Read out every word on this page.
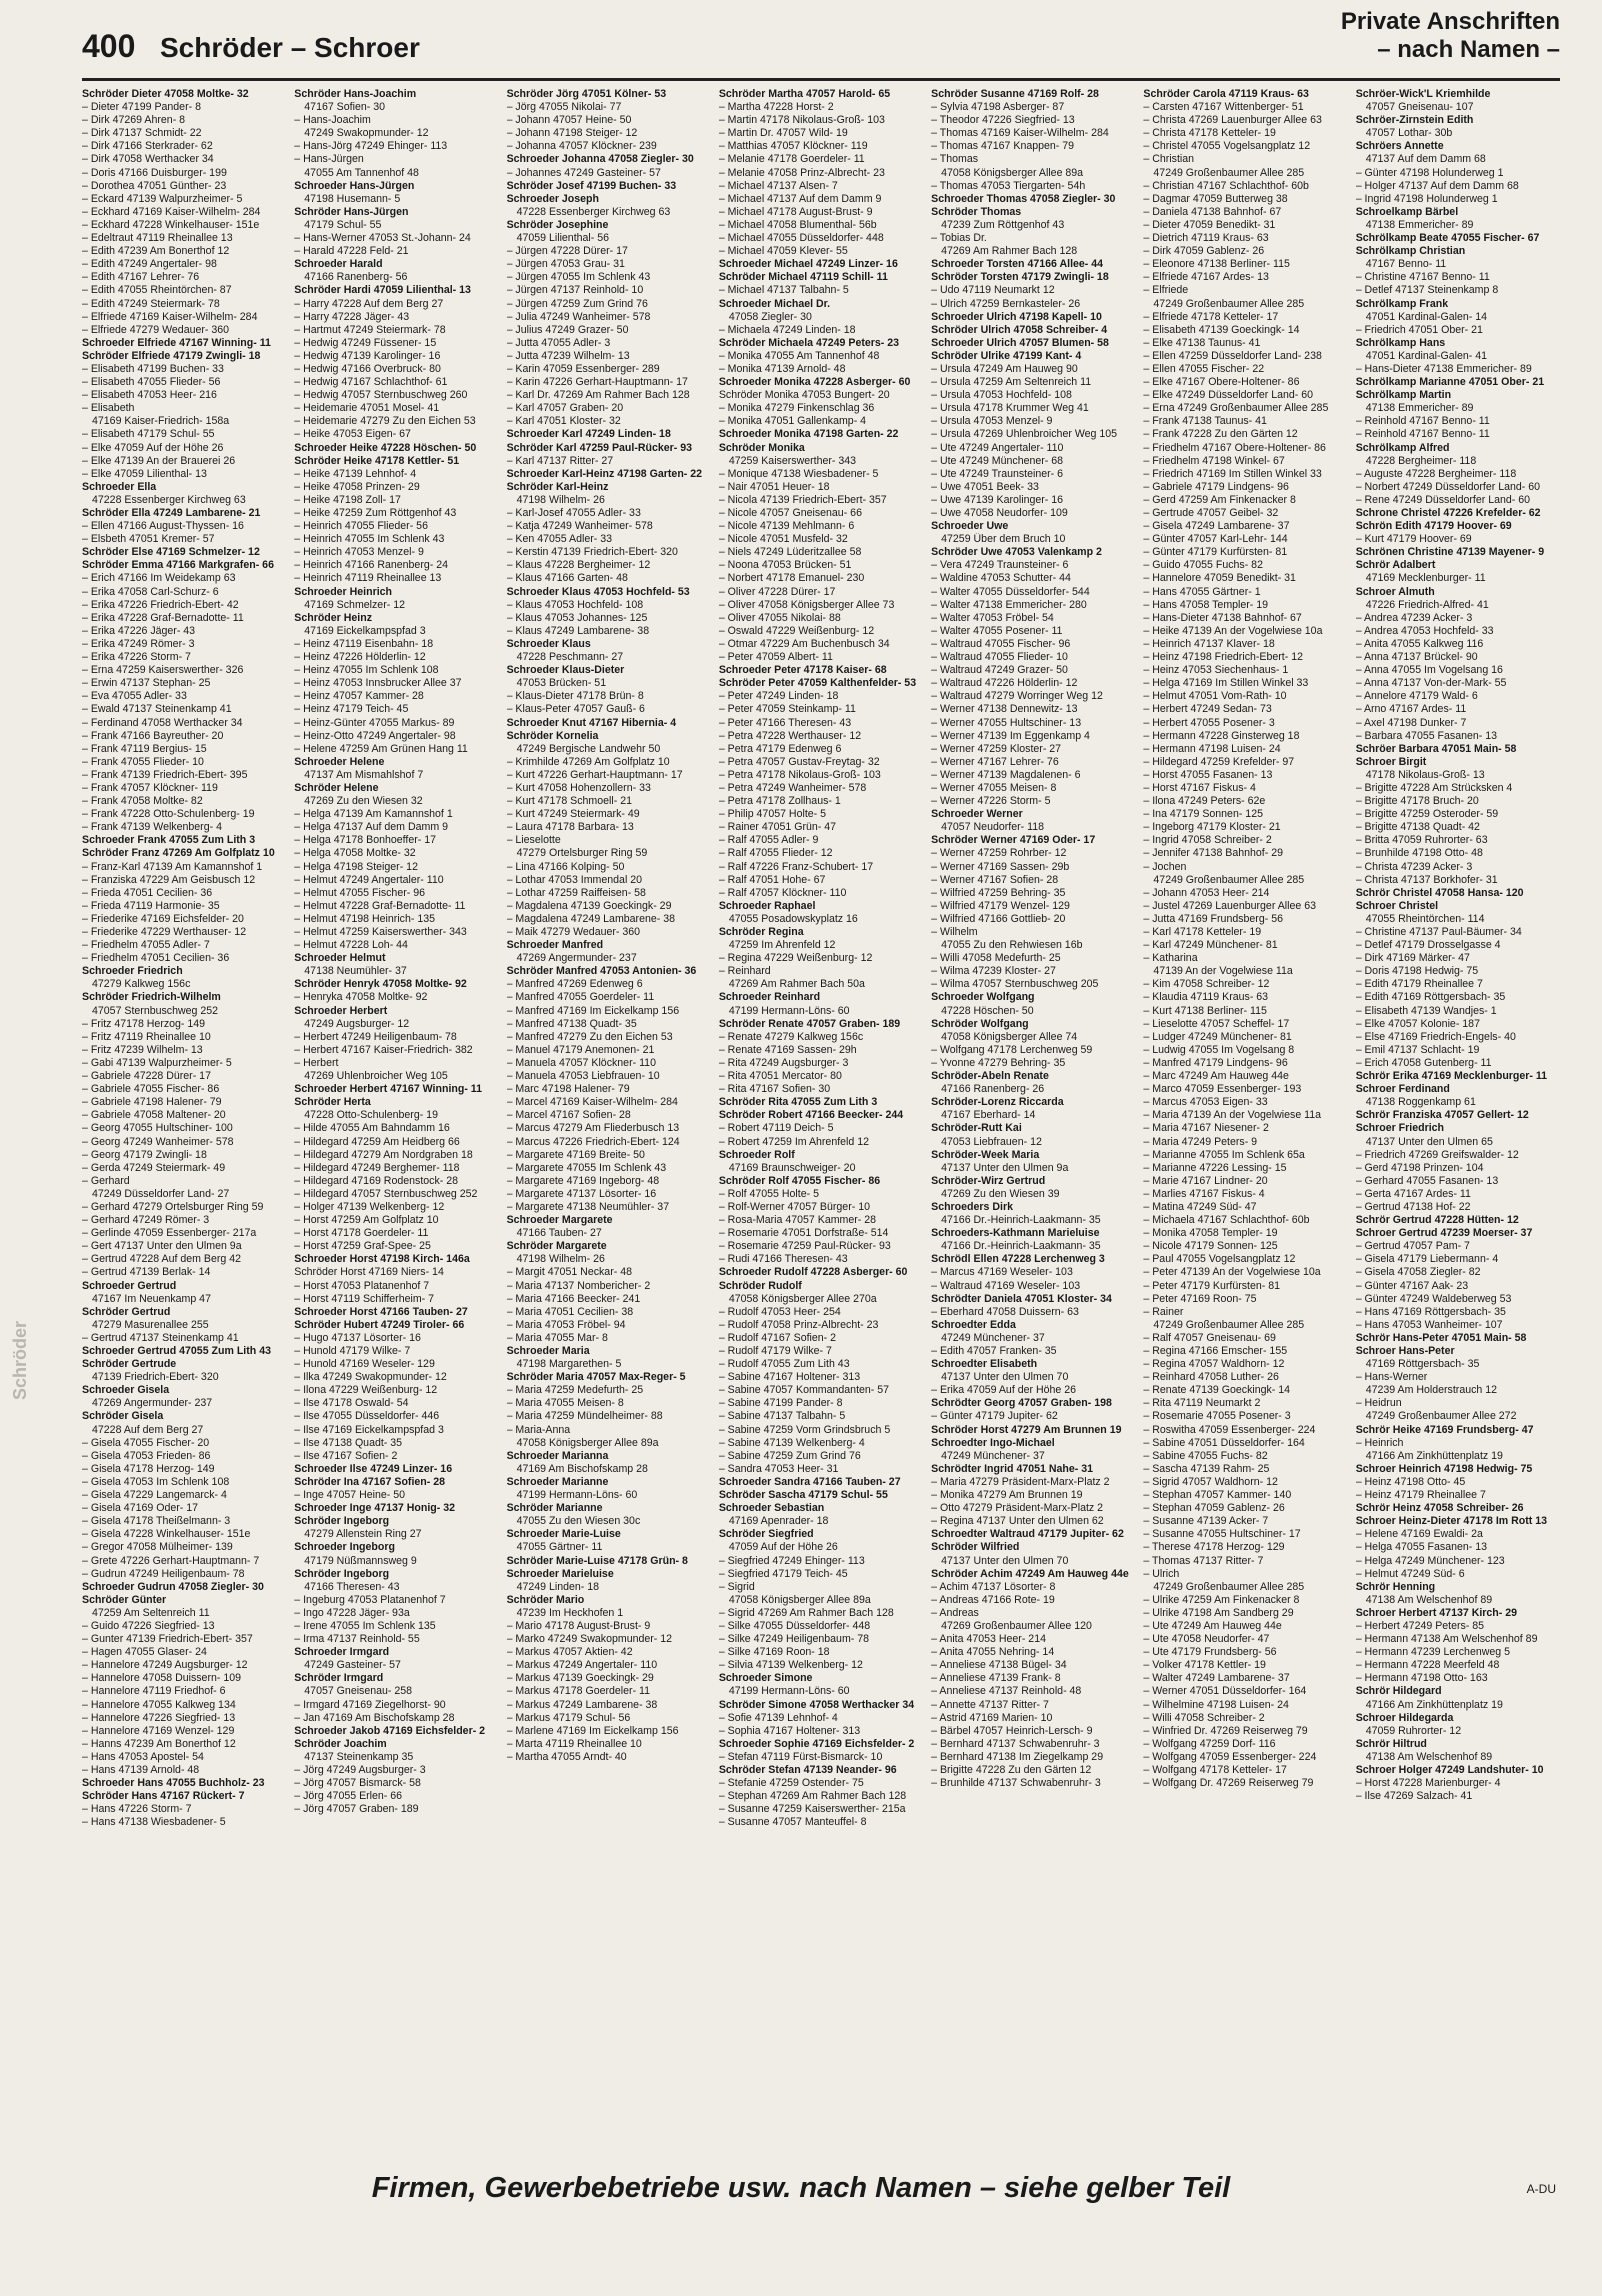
400 Schröder – Schroer
Private Anschriften
– nach Namen –
Schröder
Schröder Dieter 47058 Moltke- 32
– Dieter 47199 Pander- 8
– Dirk 47269 Ahren- 8
– Dirk 47137 Schmidt- 22
– Dirk 47166 Sterkrader- 62
– Dirk 47058 Werthacker 34
– Doris 47166 Duisburger- 199
– Dorothea 47051 Günther- 23
– Eckard 47139 Walpurzheimer- 5
– Eckhard 47169 Kaiser-Wilhelm- 284
– Eckhard 47228 Winkelhauser- 151e
– Edeltraut 47119 Rheinallee 13
– Edith 47239 Am Bonerthof 12
– Edith 47249 Angertaler- 98
– Edith 47167 Lehrer- 76
– Edith 47055 Rheintörchen- 87
– Edith 47249 Steiermark- 78
– Elfriede 47169 Kaiser-Wilhelm- 284
– Elfriede 47279 Wedauer- 360
Schroeder Elfriede 47167 Winning- 11
Schröder Elfriede 47179 Zwingli- 18
– Elisabeth 47199 Buchen- 33
– Elisabeth 47055 Flieder- 56
– Elisabeth 47053 Heer- 216
– Elisabeth
47169 Kaiser-Friedrich- 158a
– Elisabeth 47179 Schul- 55
– Elke 47059 Auf der Höhe 26
– Elke 47139 An der Brauerei 26
– Elke 47059 Lilienthal- 13
Schroeder Ella
47228 Essenberger Kirchweg 63
Schröder Ella 47249 Lambarene- 21
– Ellen 47166 August-Thyssen- 16
– Elsbeth 47051 Kremer- 57
Schröder Else 47169 Schmelzer- 12
Schröder Emma 47166 Markgrafen- 66
– Erich 47166 Im Weidekamp 63
– Erika 47058 Carl-Schurz- 6
– Erika 47226 Friedrich-Ebert- 42
– Erika 47228 Graf-Bernadotte- 11
– Erika 47226 Jäger- 43
– Erika 47249 Römer- 3
– Erika 47226 Storm- 7
– Erna 47259 Kaiserswerther- 326
– Erwin 47137 Stephan- 25
– Eva 47055 Adler- 33
– Ewald 47137 Steinenkamp 41
– Ferdinand 47058 Werthacker 34
– Frank 47166 Bayreuther- 20
– Frank 47119 Bergius- 15
– Frank 47055 Flieder- 10
– Frank 47139 Friedrich-Ebert- 395
– Frank 47057 Klöckner- 119
– Frank 47058 Moltke- 82
– Frank 47228 Otto-Schulenberg- 19
– Frank 47139 Welkenberg- 4
Schroeder Frank 47055 Zum Lith 3
Schröder Franz 47269 Am Golfplatz 10
– Franz-Karl 47139 Am Kamannshof 1
– Franziska 47229 Am Geisbusch 12
– Frieda 47051 Cecilien- 36
– Frieda 47119 Harmonie- 35
– Friederike 47169 Eichsfelder- 20
– Friederike 47229 Werthauser- 12
– Friedhelm 47055 Adler- 7
– Friedhelm 47051 Cecilien- 36
Schroeder Friedrich
47279 Kalkweg 156c
Schröder Friedrich-Wilhelm
47057 Sternbuschweg 252
– Fritz 47178 Herzog- 149
– Fritz 47119 Rheinallee 10
– Fritz 47239 Wilhelm- 13
– Gabi 47139 Walpurzheimer- 5
– Gabriele 47228 Dürer- 17
– Gabriele 47055 Fischer- 86
– Gabriele 47198 Halener- 79
– Gabriele 47058 Maltener- 20
– Georg 47055 Hultschiner- 100
– Georg 47249 Wanheimer- 578
– Georg 47179 Zwingli- 18
– Gerda 47249 Steiermark- 49
– Gerhard
47249 Düsseldorfer Land- 27
– Gerhard 47279 Ortelsburger Ring 59
– Gerhard 47249 Römer- 3
– Gerlinde 47059 Essenberger- 217a
– Gert 47137 Unter den Ulmen 9a
– Gertrud 47228 Auf dem Berg 42
– Gertrud 47139 Berlak- 14
Schroeder Gertrud
47167 Im Neuenkamp 47
Schröder Gertrud
47279 Masurenallee 255
– Gertrud 47137 Steinenkamp 41
Schroeder Gertrud 47055 Zum Lith 43
Schröder Gertrude
47139 Friedrich-Ebert- 320
Schroeder Gisela
47269 Angermunder- 237
Schröder Gisela
47228 Auf dem Berg 27
– Gisela 47055 Fischer- 20
– Gisela 47053 Frieden- 86
– Gisela 47178 Herzog- 149
– Gisela 47053 Im Schlenk 108
– Gisela 47229 Langemarck- 4
– Gisela 47169 Oder- 17
– Gisela 47178 Theißelmann- 3
– Gisela 47228 Winkelhauser- 151e
– Gregor 47058 Mülheimer- 139
– Grete 47226 Gerhart-Hauptmann- 7
– Gudrun 47249 Heiligenbaum- 78
Schroeder Gudrun 47058 Ziegler- 30
Schröder Günter
47259 Am Seltenreich 11
– Guido 47226 Siegfried- 13
– Gunter 47139 Friedrich-Ebert- 357
– Hagen 47055 Glaser- 24
– Hannelore 47249 Augsburger- 12
– Hannelore 47058 Duissern- 109
– Hannelore 47119 Friedhof- 6
– Hannelore 47055 Kalkweg 134
– Hannelore 47226 Siegfried- 13
– Hannelore 47169 Wenzel- 129
– Hanns 47239 Am Bonerthof 12
– Hans 47053 Apostel- 54
– Hans 47139 Arnold- 48
Schroeder Hans 47055 Buchholz- 23
Schröder Hans 47167 Rückert- 7
– Hans 47226 Storm- 7
– Hans 47138 Wiesbadener- 5
Schröder Hans-Joachim
47167 Sofien- 30
– Hans-Joachim
47249 Swakopmunder- 12
– Hans-Jörg 47249 Ehinger- 113
– Hans-Jürgen
47055 Am Tannenhof 48
Schroeder Hans-Jürgen
47198 Husemann- 5
Schröder Hans-Jürgen
47179 Schul- 55
– Hans-Werner 47053 St.-Johann- 24
– Harald 47228 Feld- 21
Schroeder Harald
47166 Ranenberg- 56
Schröder Hardi 47059 Lilienthal- 13
– Harry 47228 Auf dem Berg 27
– Harry 47228 Jäger- 43
– Hartmut 47249 Steiermark- 78
– Hedwig 47249 Füssener- 15
– Hedwig 47139 Karolinger- 16
– Hedwig 47166 Overbruck- 80
– Hedwig 47167 Schlachthof- 61
– Hedwig 47057 Sternbuschweg 260
– Heidemarie 47051 Mosel- 41
– Heidemarie 47279 Zu den Eichen 53
– Heike 47053 Eigen- 67
Schroeder Heike 47228 Höschen- 50
Schröder Heike 47178 Kettler- 51
– Heike 47139 Lehnhof- 4
– Heike 47058 Prinzen- 29
– Heike 47198 Zoll- 17
– Heike 47259 Zum Röttgenhof 43
– Heinrich 47055 Flieder- 56
– Heinrich 47055 Im Schlenk 43
– Heinrich 47053 Menzel- 9
– Heinrich 47166 Ranenberg- 24
– Heinrich 47119 Rheinallee 13
Schroeder Heinrich
47169 Schmelzer- 12
Schröder Heinz
47169 Eickelkampspfad 3
– Heinz 47119 Eisenbahn- 18
– Heinz 47226 Hölderlin- 12
– Heinz 47055 Im Schlenk 108
– Heinz 47053 Innsbrucker Allee 37
– Heinz 47057 Kammer- 28
– Heinz 47179 Teich- 45
– Heinz-Günter 47055 Markus- 89
– Heinz-Otto 47249 Angertaler- 98
– Helene 47259 Am Grünen Hang 11
Schroeder Helene
47137 Am Mismahlshof 7
Schröder Helene
47269 Zu den Wiesen 32
– Helga 47139 Am Kamannshof 1
– Helga 47137 Auf dem Damm 9
– Helga 47178 Bonhoeffer- 17
– Helga 47058 Moltke- 32
– Helga 47198 Steiger- 12
– Helmut 47249 Angertaler- 110
– Helmut 47055 Fischer- 96
– Helmut 47228 Graf-Bernadotte- 11
– Helmut 47198 Heinrich- 135
– Helmut 47259 Kaiserswerther- 343
– Helmut 47228 Loh- 44
Schroeder Helmut
47138 Neumühler- 37
Schröder Henryk 47058 Moltke- 92
– Henryka 47058 Moltke- 92
Schroeder Herbert
47249 Augsburger- 12
– Herbert 47249 Heiligenbaum- 78
– Herbert 47167 Kaiser-Friedrich- 382
– Herbert
47269 Uhlenbroicher Weg 105
Schroeder Herbert 47167 Winning- 11
Schröder Herta
47228 Otto-Schulenberg- 19
– Hilde 47055 Am Bahndamm 16
– Hildegard 47259 Am Heidberg 66
– Hildegard 47279 Am Nordgraben 18
– Hildegard 47249 Berghemer- 118
– Hildegard 47169 Rodenstock- 28
– Hildegard 47057 Sternbuschweg 252
– Holger 47139 Welkenberg- 12
– Horst 47259 Am Golfplatz 10
– Horst 47178 Goerdeler- 11
– Horst 47259 Graf-Spee- 25
Schroeder Horst 47198 Kirch- 146a
Schröder Horst 47169 Niers- 14
– Horst 47053 Platanenhof 7
– Horst 47119 Schifferheim- 7
Schroeder Horst 47166 Tauben- 27
Schröder Hubert 47249 Tiroler- 66
– Hugo 47137 Lösorter- 16
– Hunold 47179 Wilke- 7
– Hunold 47169 Weseler- 129
– Ilka 47249 Swakopmunder- 12
– Ilona 47229 Weißenburg- 12
– Ilse 47178 Oswald- 54
– Ilse 47055 Düsseldorfer- 446
– Ilse 47169 Eickelkampspfad 3
– Ilse 47138 Quadt- 35
– Ilse 47167 Sofien- 2
Schroeder Ilse 47249 Linzer- 16
Schröder Ina 47167 Sofien- 28
– Inge 47057 Heine- 50
Schroeder Inge 47137 Honig- 32
Schröder Ingeborg
47279 Allenstein Ring 27
Schroeder Ingeborg
47179 Nüßmannsweg 9
Schröder Ingeborg
47166 Theresen- 43
– Ingeburg 47053 Platanenhof 7
– Ingo 47228 Jäger- 93a
– Irene 47055 Im Schlenk 135
– Irma 47137 Reinhold- 55
Schroeder Irmgard
47249 Gasteiner- 57
Schröder Irmgard
47057 Gneisenau- 258
– Irmgard 47169 Ziegelhorst- 90
– Jan 47169 Am Bischofskamp 28
Schroeder Jakob 47169 Eichsfelder- 2
Schröder Joachim
47137 Steinenkamp 35
– Jörg 47249 Augsburger- 3
– Jörg 47057 Bismarck- 58
– Jörg 47055 Erlen- 66
– Jörg 47057 Graben- 189
Schröder Jörg 47051 Kölner- 53
– Jörg 47055 Nikolai- 77
– Johann 47057 Heine- 50
– Johann 47198 Steiger- 12
– Johanna 47057 Klöckner- 239
Schroeder Johanna 47058 Ziegler- 30
– Johannes 47249 Gasteiner- 57
Schröder Josef 47199 Buchen- 33
Schroeder Joseph
47228 Essenberger Kirchweg 63
Schröder Josephine
47059 Lilienthal- 56
– Jürgen 47228 Dürer- 17
– Jürgen 47053 Grau- 31
– Jürgen 47055 Im Schlenk 43
– Jürgen 47137 Reinhold- 10
– Jürgen 47259 Zum Grind 76
– Julia 47249 Wanheimer- 578
– Julius 47249 Grazer- 50
– Jutta 47055 Adler- 3
– Jutta 47239 Wilhelm- 13
– Karin 47059 Essenberger- 289
– Karin 47226 Gerhart-Hauptmann- 17
– Karl Dr. 47269 Am Rahmer Bach 128
– Karl 47057 Graben- 20
– Karl 47051 Kloster- 32
Schroeder Karl 47249 Linden- 18
Schröder Karl 47259 Paul-Rücker- 93
– Karl 47137 Ritter- 27
Schroeder Karl-Heinz 47198 Garten- 22
Schröder Karl-Heinz
47198 Wilhelm- 26
– Karl-Josef 47055 Adler- 33
– Katja 47249 Wanheimer- 578
– Ken 47055 Adler- 33
– Kerstin 47139 Friedrich-Ebert- 320
– Klaus 47228 Bergheimer- 12
– Klaus 47166 Garten- 48
Schroeder Klaus 47053 Hochfeld- 53
– Klaus 47053 Hochfeld- 108
– Klaus 47053 Johannes- 125
– Klaus 47249 Lambarene- 38
Schroeder Klaus
47228 Peschmann- 27
Schroeder Klaus-Dieter
47053 Brücken- 51
– Klaus-Dieter 47178 Brün- 8
– Klaus-Peter 47057 Gauß- 6
Schroeder Knut 47167 Hibernia- 4
Schröder Kornelia
47249 Bergische Landwehr 50
– Krimhilde 47269 Am Golfplatz 10
– Kurt 47226 Gerhart-Hauptmann- 17
– Kurt 47058 Hohenzollern- 33
– Kurt 47178 Schmoell- 21
– Kurt 47249 Steiermark- 49
– Laura 47178 Barbara- 13
– Lieselotte
47279 Ortelsburger Ring 59
– Lina 47166 Kolping- 50
– Lothar 47053 Immendal 20
– Lothar 47259 Raiffeisen- 58
– Magdalena 47139 Goeckingk- 29
– Magdalena 47249 Lambarene- 38
– Maik 47279 Wedauer- 360
Schroeder Manfred
47269 Angermunder- 237
Schröder Manfred 47053 Antonien- 36
– Manfred 47269 Edenweg 6
– Manfred 47055 Goerdeler- 11
– Manfred 47169 Im Eickelkamp 156
– Manfred 47138 Quadt- 35
– Manfred 47279 Zu den Eichen 53
– Manuel 47179 Anemonen- 21
– Manuela 47057 Klöckner- 110
– Manuela 47053 Liebfrauen- 10
– Marc 47198 Halener- 79
– Marcel 47169 Kaiser-Wilhelm- 284
– Marcel 47167 Sofien- 28
– Marcus 47279 Am Fliederbusch 13
– Marcus 47226 Friedrich-Ebert- 124
– Margarete 47169 Breite- 50
– Margarete 47055 Im Schlenk 43
– Margarete 47169 Ingeborg- 48
– Margarete 47137 Lösorter- 16
– Margarete 47138 Neumühler- 37
Schroeder Margarete
47166 Tauben- 27
Schröder Margarete
47198 Wilhelm- 26
– Margit 47051 Neckar- 48
– Maria 47137 Nombericher- 2
– Maria 47166 Beecker- 241
– Maria 47051 Cecilien- 38
– Maria 47053 Fröbel- 94
– Maria 47055 Mar- 8
Schroeder Maria
47198 Margarethen- 5
Schröder Maria 47057 Max-Reger- 5
– Maria 47259 Medefurth- 25
– Maria 47055 Meisen- 8
– Maria 47259 Mündelheimer- 88
– Maria-Anna
47058 Königsberger Allee 89a
Schroeder Marianna
47169 Am Bischofskamp 28
Schroeder Marianne
47199 Hermann-Löns- 60
Schröder Marianne
47055 Zu den Wiesen 30c
Schroeder Marie-Luise
47055 Gärtner- 11
Schröder Marie-Luise 47178 Grün- 8
Schroeder Marieluise
47249 Linden- 18
Schröder Mario
47239 Im Heckhofen 1
– Mario 47178 August-Brust- 9
– Marko 47249 Swakopmunder- 12
– Markus 47057 Aktien- 42
– Markus 47249 Angertaler- 110
– Markus 47139 Goeckingk- 29
– Markus 47178 Goerdeler- 11
– Markus 47249 Lambarene- 38
– Markus 47179 Schul- 56
– Marlene 47169 Im Eickelkamp 156
– Marta 47119 Rheinallee 10
– Martha 47055 Arndt- 40
Schröder Martha 47057 Harold- 65
– Martha 47228 Horst- 2
– Martin 47178 Nikolaus-Groß- 103
– Martin Dr. 47057 Wild- 19
– Matthias 47057 Klöckner- 119
– Melanie 47178 Goerdeler- 11
– Melanie 47058 Prinz-Albrecht- 23
– Michael 47137 Alsen- 7
– Michael 47137 Auf dem Damm 9
– Michael 47178 August-Brust- 9
– Michael 47058 Blumenthal- 56b
– Michael 47055 Düsseldorfer- 448
– Michael 47059 Klever- 55
Schroeder Michael 47249 Linzer- 16
Schröder Michael 47119 Schill- 11
– Michael 47137 Talbahn- 5
Schroeder Michael Dr.
47058 Ziegler- 30
– Michaela 47249 Linden- 18
Schröder Michaela 47249 Peters- 23
– Monika 47055 Am Tannenhof 48
– Monika 47139 Arnold- 48
Schroeder Monika 47228 Asberger- 60
Schröder Monika 47053 Bungert- 20
– Monika 47279 Finkenschlag 36
– Monika 47051 Gallenkamp- 4
Schroeder Monika 47198 Garten- 22
Schröder Monika
47259 Kaiserswerther- 343
– Monique 47138 Wiesbadener- 5
– Nair 47051 Heuer- 18
– Nicola 47139 Friedrich-Ebert- 357
– Nicole 47057 Gneisenau- 66
– Nicole 47139 Mehlmann- 6
– Nicole 47051 Musfeld- 32
– Niels 47249 Lüderitzallee 58
– Noona 47053 Brücken- 51
– Norbert 47178 Emanuel- 230
– Oliver 47228 Dürer- 17
– Oliver 47058 Königsberger Allee 73
– Oliver 47055 Nikolai- 88
– Oswald 47229 Weißenburg- 12
– Otmar 47229 Am Buchenbusch 34
– Peter 47059 Albert- 11
Schroeder Peter 47178 Kaiser- 68
Schröder Peter 47059 Kalthenfelder- 53
– Peter 47249 Linden- 18
– Peter 47059 Steinkamp- 11
– Peter 47166 Theresen- 43
– Petra 47228 Werthauser- 12
– Petra 47179 Edenweg 6
– Petra 47057 Gustav-Freytag- 32
– Petra 47178 Nikolaus-Groß- 103
– Petra 47249 Wanheimer- 578
– Petra 47178 Zollhaus- 1
– Philip 47057 Holte- 5
– Rainer 47051 Grün- 47
– Ralf 47055 Adler- 9
– Ralf 47055 Flieder- 12
– Ralf 47226 Franz-Schubert- 17
– Ralf 47051 Hohe- 67
– Ralf 47057 Klöckner- 110
Schroeder Raphael
47055 Posadowskyplatz 16
Schröder Regina
47259 Im Ahrenfeld 12
– Regina 47229 Weißenburg- 12
– Reinhard
47269 Am Rahmer Bach 50a
Schroeder Reinhard
47199 Hermann-Löns- 60
Schröder Renate 47057 Graben- 189
– Renate 47279 Kalkweg 156c
– Renate 47169 Sassen- 29h
– Rita 47249 Augsburger- 3
– Rita 47051 Mercator- 80
– Rita 47167 Sofien- 30
Schröder Rita 47055 Zum Lith 3
Schröder Robert 47166 Beecker- 244
– Robert 47119 Deich- 5
– Robert 47259 Im Ahrenfeld 12
Schroeder Rolf
47169 Braunschweiger- 20
Schröder Rolf 47055 Fischer- 86
– Rolf 47055 Holte- 5
– Rolf-Werner 47057 Bürger- 10
– Rosa-Maria 47057 Kammer- 28
– Rosemarie 47051 Dorfstraße- 514
– Rosemarie 47259 Paul-Rücker- 93
– Rudi 47166 Theresen- 43
Schroeder Rudolf 47228 Asberger- 60
Schröder Rudolf
47058 Königsberger Allee 270a
– Rudolf 47053 Heer- 254
– Rudolf 47058 Prinz-Albrecht- 23
– Rudolf 47167 Sofien- 2
– Rudolf 47179 Wilke- 7
– Rudolf 47055 Zum Lith 43
– Sabine 47167 Holtener- 313
– Sabine 47057 Kommandanten- 57
– Sabine 47199 Pander- 8
– Sabine 47137 Talbahn- 5
– Sabine 47259 Vorm Grindsbruch 5
– Sabine 47139 Welkenberg- 4
– Sabine 47259 Zum Grind 76
– Sandra 47053 Heer- 31
Schroeder Sandra 47166 Tauben- 27
Schröder Sascha 47179 Schul- 55
Schroeder Sebastian
47169 Apenrader- 18
Schröder Siegfried
47059 Auf der Höhe 26
– Siegfried 47249 Ehinger- 113
– Siegfried 47179 Teich- 45
– Sigrid
47058 Königsberger Allee 89a
– Sigrid 47269 Am Rahmer Bach 128
– Silke 47055 Düsseldorfer- 448
– Silke 47249 Heiligenbaum- 78
– Silke 47169 Roon- 18
– Silvia 47139 Welkenberg- 12
Schroeder Simone
47199 Hermann-Löns- 60
Schröder Simone 47058 Werthacker 34
– Sofie 47139 Lehnhof- 4
– Sophia 47167 Holtener- 313
Schroeder Sophie 47169 Eichsfelder- 2
– Stefan 47119 Fürst-Bismarck- 10
Schröder Stefan 47139 Neander- 96
– Stefanie 47259 Ostender- 75
– Stephan 47269 Am Rahmer Bach 128
– Susanne 47259 Kaiserswerther- 215a
– Susanne 47057 Manteuffel- 8
Schröder Susanne 47169 Rolf- 28
– Sylvia 47198 Asberger- 87
– Theodor 47226 Siegfried- 13
– Thomas 47169 Kaiser-Wilhelm- 284
– Thomas 47167 Knappen- 79
– Thomas
47058 Königsberger Allee 89a
– Thomas 47053 Tiergarten- 54h
Schroeder Thomas 47058 Ziegler- 30
Schröder Thomas
47239 Zum Röttgenhof 43
– Tobias Dr.
47269 Am Rahmer Bach 128
Schroeder Torsten 47166 Allee- 44
Schröder Torsten 47179 Zwingli- 18
– Udo 47119 Neumarkt 12
– Ulrich 47259 Bernkasteler- 26
Schroeder Ulrich 47198 Kapell- 10
Schröder Ulrich 47058 Schreiber- 4
Schroeder Ulrich 47057 Blumen- 58
Schröder Ulrike 47199 Kant- 4
– Ursula 47249 Am Hauweg 90
– Ursula 47259 Am Seltenreich 11
– Ursula 47053 Hochfeld- 108
– Ursula 47178 Krummer Weg 41
– Ursula 47053 Menzel- 9
– Ursula 47269 Uhlenbroicher Weg 105
– Ute 47249 Angertaler- 110
– Ute 47249 Münchener- 68
– Ute 47249 Traunsteiner- 6
– Uwe 47051 Beek- 33
– Uwe 47139 Karolinger- 16
– Uwe 47058 Neudorfer- 109
Schroeder Uwe
47259 Über dem Bruch 10
Schröder Uwe 47053 Valenkamp 2
– Vera 47249 Traunsteiner- 6
– Waldine 47053 Schutter- 44
– Walter 47055 Düsseldorfer- 544
– Walter 47138 Emmericher- 280
– Walter 47053 Fröbel- 54
– Walter 47055 Posener- 11
– Waltraud 47055 Fischer- 96
– Waltraud 47055 Flieder- 10
– Waltraud 47249 Grazer- 50
– Waltraud 47226 Hölderlin- 12
– Waltraud 47279 Worringer Weg 12
– Werner 47138 Dennewitz- 13
– Werner 47055 Hultschiner- 13
– Werner 47139 Im Eggenkamp 4
– Werner 47259 Kloster- 27
– Werner 47167 Lehrer- 76
– Werner 47139 Magdalenen- 6
– Werner 47055 Meisen- 8
– Werner 47226 Storm- 5
Schroeder Werner
47057 Neudorfer- 118
Schröder Werner 47169 Oder- 17
– Werner 47259 Rohrber- 12
– Werner 47169 Sassen- 29b
– Werner 47167 Sofien- 28
– Wilfried 47259 Behring- 35
– Wilfried 47179 Wenzel- 129
– Wilfried 47166 Gottlieb- 20
– Wilhelm
47055 Zu den Rehwiesen 16b
– Willi 47058 Medefurth- 25
– Wilma 47239 Kloster- 27
– Wilma 47057 Sternbuschweg 205
Schroeder Wolfgang
47228 Höschen- 50
Schröder Wolfgang
47058 Königsberger Allee 74
– Wolfgang 47178 Lerchenweg 59
– Yvonne 47279 Behring- 35
Schröder-Abeln Renate
47166 Ranenberg- 26
Schröder-Lorenz Riccarda
47167 Eberhard- 14
Schröder-Rutt Kai
47053 Liebfrauen- 12
Schröder-Week Maria
47137 Unter den Ulmen 9a
Schröder-Wirz Gertrud
47269 Zu den Wiesen 39
Schroeders Dirk
47166 Dr.-Heinrich-Laakmann- 35
Schroeders-Kathmann Marieluise
47166 Dr.-Heinrich-Laakmann- 35
Schrödl Ellen 47228 Lerchenweg 3
– Marcus 47169 Weseler- 103
– Waltraud 47169 Weseler- 103
Schrödter Daniela 47051 Kloster- 34
– Eberhard 47058 Duissern- 63
Schroedter Edda
47249 Münchener- 37
– Edith 47057 Franken- 35
Schroedter Elisabeth
47137 Unter den Ulmen 70
– Erika 47059 Auf der Höhe 26
Schrödter Georg 47057 Graben- 198
– Günter 47179 Jupiter- 62
Schröder Horst 47279 Am Brunnen 19
Schroedter Ingo-Michael
47249 Münchener- 37
Schrödter Ingrid 47051 Nahe- 31
– Maria 47279 Präsident-Marx-Platz 2
– Monika 47279 Am Brunnen 19
– Otto 47279 Präsident-Marx-Platz 2
– Regina 47137 Unter den Ulmen 62
Schroedter Waltraud 47179 Jupiter- 62
Schröder Wilfried
47137 Unter den Ulmen 70
Schröder Achim 47249 Am Hauweg 44e
– Achim 47137 Lösorter- 8
– Andreas 47166 Rote- 19
– Andreas
47269 Großenbaumer Allee 120
– Anita 47053 Heer- 214
– Anita 47055 Nehring- 14
– Anneliese 47138 Bügel- 34
– Anneliese 47139 Frank- 8
– Anneliese 47137 Reinhold- 48
– Annette 47137 Ritter- 7
– Astrid 47169 Marien- 10
– Bärbel 47057 Heinrich-Lersch- 9
– Bernhard 47137 Schwabenruhr- 3
– Bernhard 47138 Im Ziegelkamp 29
– Brigitte 47228 Zu den Gärten 12
– Brunhilde 47137 Schwabenruhr- 3
Schröder Carola 47119 Kraus- 63
– Carsten 47167 Wittenberger- 51
– Christa 47269 Lauenburger Allee 63
– Christa 47178 Ketteler- 19
– Christel 47055 Vogelsangplatz 12
– Christian
47249 Großenbaumer Allee 285
– Christian 47167 Schlachthof- 60b
– Dagmar 47059 Butterweg 38
– Daniela 47138 Bahnhof- 67
– Dieter 47059 Benedikt- 31
– Dietrich 47119 Kraus- 63
– Dirk 47059 Gablenz- 26
– Eleonore 47138 Berliner- 115
– Elfriede 47167 Ardes- 13
– Elfriede
47249 Großenbaumer Allee 285
– Elfriede 47178 Ketteler- 17
– Elisabeth 47139 Goeckingk- 14
– Elke 47138 Taunus- 41
– Ellen 47259 Düsseldorfer Land- 238
– Ellen 47055 Fischer- 22
– Elke 47167 Obere-Holtener- 86
– Elke 47249 Düsseldorfer Land- 60
– Erna 47249 Großenbaumer Allee 285
– Frank 47138 Taunus- 41
– Frank 47228 Zu den Gärten 12
– Friedhelm 47167 Obere-Holtener- 86
– Friedhelm 47198 Winkel- 67
– Friedrich 47169 Im Stillen Winkel 33
– Gabriele 47179 Lindgens- 96
– Gerd 47259 Am Finkenacker 8
– Gertrude 47057 Geibel- 32
– Gisela 47249 Lambarene- 37
– Günter 47057 Karl-Lehr- 144
– Günter 47179 Kurfürsten- 81
– Guido 47055 Fuchs- 82
– Hannelore 47059 Benedikt- 31
– Hans 47055 Gärtner- 1
– Hans 47058 Templer- 19
– Hans-Dieter 47138 Bahnhof- 67
– Heike 47139 An der Vogelwiese 10a
– Heinrich 47137 Klaver- 18
– Heinz 47198 Friedrich-Ebert- 12
– Heinz 47053 Siechenhaus- 1
– Helga 47169 Im Stillen Winkel 33
– Helmut 47051 Vom-Rath- 10
– Herbert 47249 Sedan- 73
– Herbert 47055 Posener- 3
– Hermann 47228 Ginsterweg 18
– Hermann 47198 Luisen- 24
– Hildegard 47259 Krefelder- 97
– Horst 47055 Fasanen- 13
– Horst 47167 Fiskus- 4
– Ilona 47249 Peters- 62e
– Ina 47179 Sonnen- 125
– Ingeborg 47179 Kloster- 21
– Ingrid 47058 Schreiber- 2
– Jennifer 47138 Bahnhof- 29
– Jochen
47249 Großenbaumer Allee 285
– Johann 47053 Heer- 214
– Justel 47269 Lauenburger Allee 63
– Jutta 47169 Frundsberg- 56
– Karl 47178 Ketteler- 19
– Karl 47249 Münchener- 81
– Katharina
47139 An der Vogelwiese 11a
– Kim 47058 Schreiber- 12
– Klaudia 47119 Kraus- 63
– Kurt 47138 Berliner- 115
– Lieselotte 47057 Scheffel- 17
– Ludger 47249 Münchener- 81
– Ludwig 47055 Im Vogelsang 8
– Manfred 47179 Lindgens- 96
– Marc 47249 Am Hauweg 44e
– Marco 47059 Essenberger- 193
– Marcus 47053 Eigen- 33
– Maria 47139 An der Vogelwiese 11a
– Maria 47167 Niesener- 2
– Maria 47249 Peters- 9
– Marianne 47055 Im Schlenk 65a
– Marianne 47226 Lessing- 15
– Marie 47167 Lindner- 20
– Marlies 47167 Fiskus- 4
– Matina 47249 Süd- 47
– Michaela 47167 Schlachthof- 60b
– Monika 47058 Templer- 19
– Nicole 47179 Sonnen- 125
– Paul 47055 Vogelsangplatz 12
– Peter 47139 An der Vogelwiese 10a
– Peter 47179 Kurfürsten- 81
– Peter 47169 Roon- 75
– Rainer
47249 Großenbaumer Allee 285
– Ralf 47057 Gneisenau- 69
– Regina 47166 Emscher- 155
– Regina 47057 Waldhorn- 12
– Reinhard 47058 Luther- 26
– Renate 47139 Goeckingk- 14
– Rita 47119 Neumarkt 2
– Rosemarie 47055 Posener- 3
– Roswitha 47059 Essenberger- 224
– Sabine 47051 Düsseldorfer- 164
– Sabine 47055 Fuchs- 82
– Sascha 47139 Rahm- 25
– Sigrid 47057 Waldhorn- 12
– Stephan 47057 Kammer- 140
– Stephan 47059 Gablenz- 26
– Susanne 47139 Acker- 7
– Susanne 47055 Hultschiner- 17
– Therese 47178 Herzog- 129
– Thomas 47137 Ritter- 7
– Ulrich
47249 Großenbaumer Allee 285
– Ulrike 47259 Am Finkenacker 8
– Ulrike 47198 Am Sandberg 29
– Ute 47249 Am Hauweg 44e
– Ute 47058 Neudorfer- 47
– Ute 47179 Frundsberg- 56
– Volker 47178 Kettler- 19
– Walter 47249 Lambarene- 37
– Werner 47051 Düsseldorfer- 164
– Wilhelmine 47198 Luisen- 24
– Willi 47058 Schreiber- 2
– Winfried Dr. 47269 Reiserweg 79
– Wolfgang 47259 Dorf- 116
– Wolfgang 47059 Essenberger- 224
– Wolfgang 47178 Ketteler- 17
– Wolfgang Dr. 47269 Reiserweg 79
Schröer-Wick'L Kriemhilde
47057 Gneisenau- 107
Schröer-Zirnstein Edith
47057 Lothar- 30b
Schröers Annette
47137 Auf dem Damm 68
– Günter 47198 Holunderweg 1
– Holger 47137 Auf dem Damm 68
– Ingrid 47198 Holunderweg 1
Schroelkamp Bärbel
47138 Emmericher- 89
Schrölkamp Beate 47055 Fischer- 67
Schrölkamp Christian
47167 Benno- 11
– Christine 47167 Benno- 11
– Detlef 47137 Steinenkamp 8
Schrölkamp Frank
47051 Kardinal-Galen- 14
– Friedrich 47051 Ober- 21
Schrölkamp Hans
47051 Kardinal-Galen- 41
– Hans-Dieter 47138 Emmericher- 89
Schrölkamp Marianne 47051 Ober- 21
Schrölkamp Martin
47138 Emmericher- 89
– Reinhold 47167 Benno- 11
– Reinhold 47167 Benno- 11
Schrölkamp Alfred
47228 Bergheimer- 118
– Auguste 47228 Bergheimer- 118
– Norbert 47249 Düsseldorfer Land- 60
– Rene 47249 Düsseldorfer Land- 60
Schrone Christel 47226 Krefelder- 62
Schrön Edith 47179 Hoover- 69
– Kurt 47179 Hoover- 69
Schrönen Christine 47139 Mayener- 9
Schrör Adalbert
47169 Mecklenburger- 11
Schroer Almuth
47226 Friedrich-Alfred- 41
– Andrea 47239 Acker- 3
– Andrea 47053 Hochfeld- 33
– Anita 47055 Kalkweg 116
– Anna 47137 Brückel- 90
– Anna 47055 Im Vogelsang 16
– Anna 47137 Von-der-Mark- 55
– Annelore 47179 Wald- 6
– Arno 47167 Ardes- 11
– Axel 47198 Dunker- 7
– Barbara 47055 Fasanen- 13
Schröer Barbara 47051 Main- 58
Schroer Birgit
47178 Nikolaus-Groß- 13
– Brigitte 47228 Am Strücksken 4
– Brigitte 47178 Bruch- 20
– Brigitte 47259 Osteroder- 59
– Brigitte 47138 Quadt- 42
– Britta 47059 Ruhrorter- 63
– Brunhilde 47198 Otto- 48
– Christa 47239 Acker- 3
– Christa 47137 Borkhofer- 31
Schrör Christel 47058 Hansa- 120
Schroer Christel
47055 Rheintörchen- 114
– Christine 47137 Paul-Bäumer- 34
– Detlef 47179 Drosselgasse 4
– Dirk 47169 Märker- 47
– Doris 47198 Hedwig- 75
– Edith 47179 Rheinallee 7
– Edith 47169 Röttgersbach- 35
– Elisabeth 47139 Wandjes- 1
– Elke 47057 Kolonie- 187
– Else 47169 Friedrich-Engels- 40
– Emil 47137 Schlacht- 19
– Erich 47058 Gutenberg- 11
Schrör Erika 47169 Mecklenburger- 11
Schroer Ferdinand
47138 Roggenkamp 61
Schrör Franziska 47057 Gellert- 12
Schroer Friedrich
47137 Unter den Ulmen 65
– Friedrich 47269 Greifswalder- 12
– Gerd 47198 Prinzen- 104
– Gerhard 47055 Fasanen- 13
– Gerta 47167 Ardes- 11
– Gertrud 47138 Hof- 22
Schrör Gertrud 47228 Hütten- 12
Schroer Gertrud 47239 Moerser- 37
– Gertrud 47057 Pam- 7
– Gisela 47179 Liebermann- 4
– Gisela 47058 Ziegler- 82
– Günter 47167 Aak- 23
– Günter 47249 Waldeberweg 53
– Hans 47169 Röttgersbach- 35
– Hans 47053 Wanheimer- 107
Schrör Hans-Peter 47051 Main- 58
Schroer Hans-Peter
47169 Röttgersbach- 35
– Hans-Werner
47239 Am Holderstrauch 12
– Heidrun
47249 Großenbaumer Allee 272
Schrör Heike 47169 Frundsberg- 47
– Heinrich
47166 Am Zinkhüttenplatz 19
Schroer Heinrich 47198 Hedwig- 75
– Heinz 47198 Otto- 45
– Heinz 47179 Rheinallee 7
Schrör Heinz 47058 Schreiber- 26
Schroer Heinz-Dieter 47178 Im Rott 13
– Helene 47169 Ewaldi- 2a
– Helga 47055 Fasanen- 13
– Helga 47249 Münchener- 123
– Helmut 47249 Süd- 6
Schrör Henning
47138 Am Welschenhof 89
Schroer Herbert 47137 Kirch- 29
– Herbert 47249 Peters- 85
– Hermann 47138 Am Welschenhof 89
– Hermann 47239 Lerchenweg 5
– Hermann 47228 Meerfeld 48
– Hermann 47198 Otto- 163
Schrör Hildegard
47166 Am Zinkhüttenplatz 19
Schroer Hildegarda
47059 Ruhrorter- 12
Schrör Hiltrud
47138 Am Welschenhof 89
Schroer Holger 47249 Landshuter- 10
– Horst 47228 Marienburger- 4
– Ilse 47269 Salzach- 41
Firmen, Gewerbebetriebe usw. nach Namen – siehe gelber Teil	A-DU
